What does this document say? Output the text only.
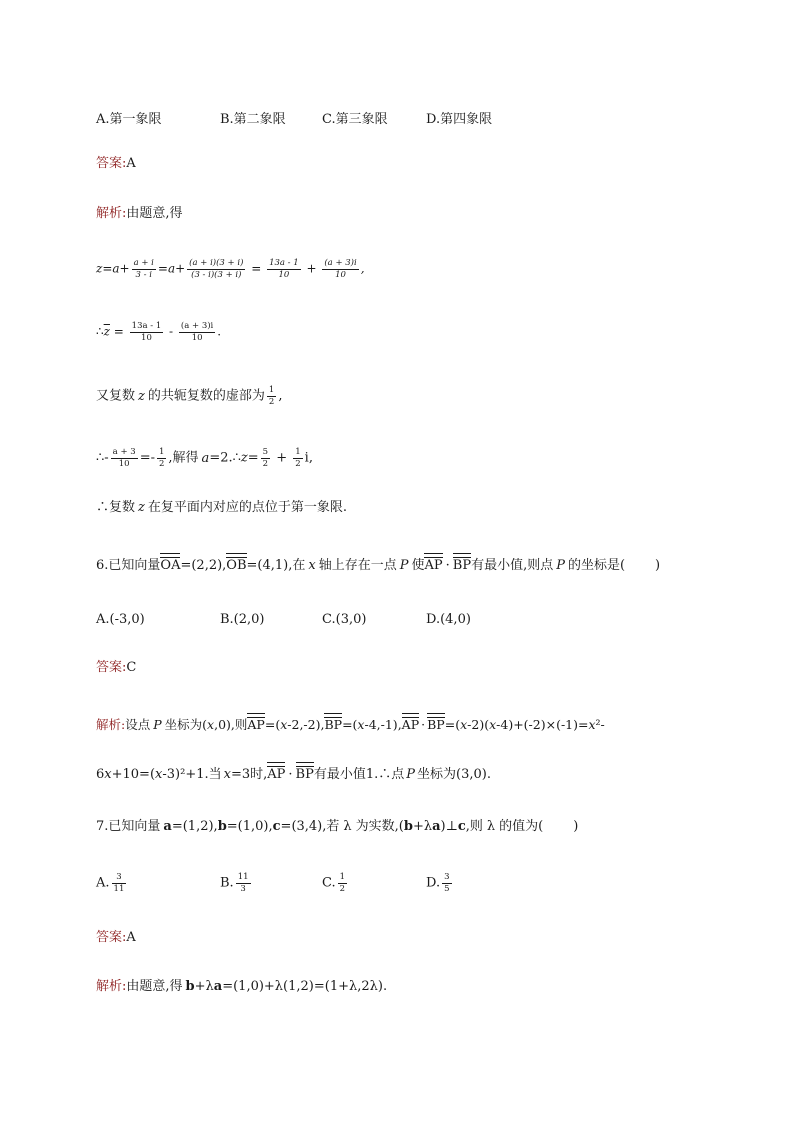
A.第一象限	B.第二象限	C.第三象限	D.第四象限
答案:A
解析:由题意,得
$z=a+ \frac{a + i}{3 - i} =a+ \frac{(a + i)(3 + i)}{(3 - i)(3 + i)} = \frac{13a - 1}{10} + \frac{(a + 3)i}{10}$ ,
$\therefore\overline{z} = \frac{13a - 1}{10} - \frac{(a + 3)i}{10}$ .
又复数 z 的共轭复数的虚部为 $\frac{1}{2}$ ,
∴- $\frac{a + 3}{10} =- \frac{1}{2}$ ,解得 a=2.∴z= $\frac{5}{2} + \frac{1}{2} i$,
∴复数 z 在复平面内对应的点位于第一象限.
6.已知向量OA=(2,2),OB=(4,1),在 x 轴上存在一点 P 使AP · BP有最小值,则点 P 的坐标是( )
A.(-3,0)	B.(2,0)	C.(3,0)	D.(4,0)
答案:C
解析:设点 P 坐标为(x,0),则AP=(x-2,-2),BP=(x-4,-1),AP · BP=(x-2)(x-4)+(-2)×(-1)=x²-
6x+10=(x-3)²+1.当 x=3时,AP · BP有最小值1.∴点 P 坐标为(3,0).
7.已知向量 a=(1,2),b=(1,0),c=(3,4),若 λ 为实数,(b+λa)⊥c,则 λ 的值为( )
A. $\frac{3}{11}$	B. $\frac{11}{3}$	C. $\frac{1}{2}$	D. $\frac{3}{5}$
答案:A
解析:由题意,得 b+λa=(1,0)+λ(1,2)=(1+λ,2λ).
